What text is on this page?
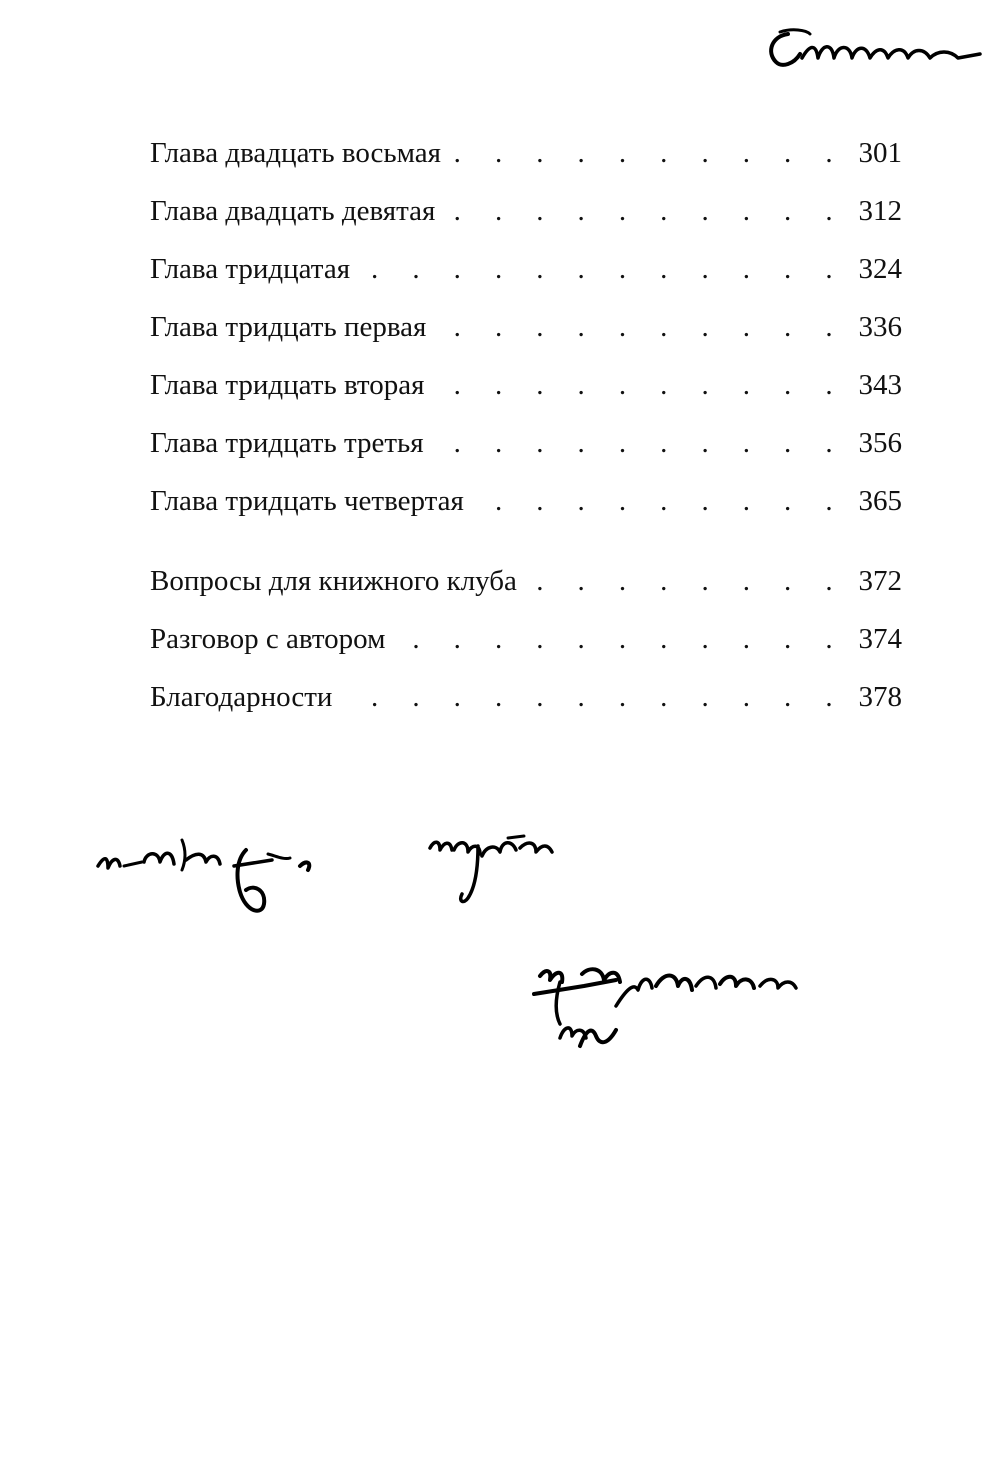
Глава двадцать восьмая . . .	301
Глава двадцать девятая . . .	312
Глава тридцатая . . .	324
Глава тридцать первая . . .	336
Глава тридцать вторая . . .	343
Глава тридцать третья . . .	356
Глава тридцать четвертая . . .	365
Вопросы для книжного клуба . . .	372
Разговор с автором . . .	374
Благодарности . . .	378
